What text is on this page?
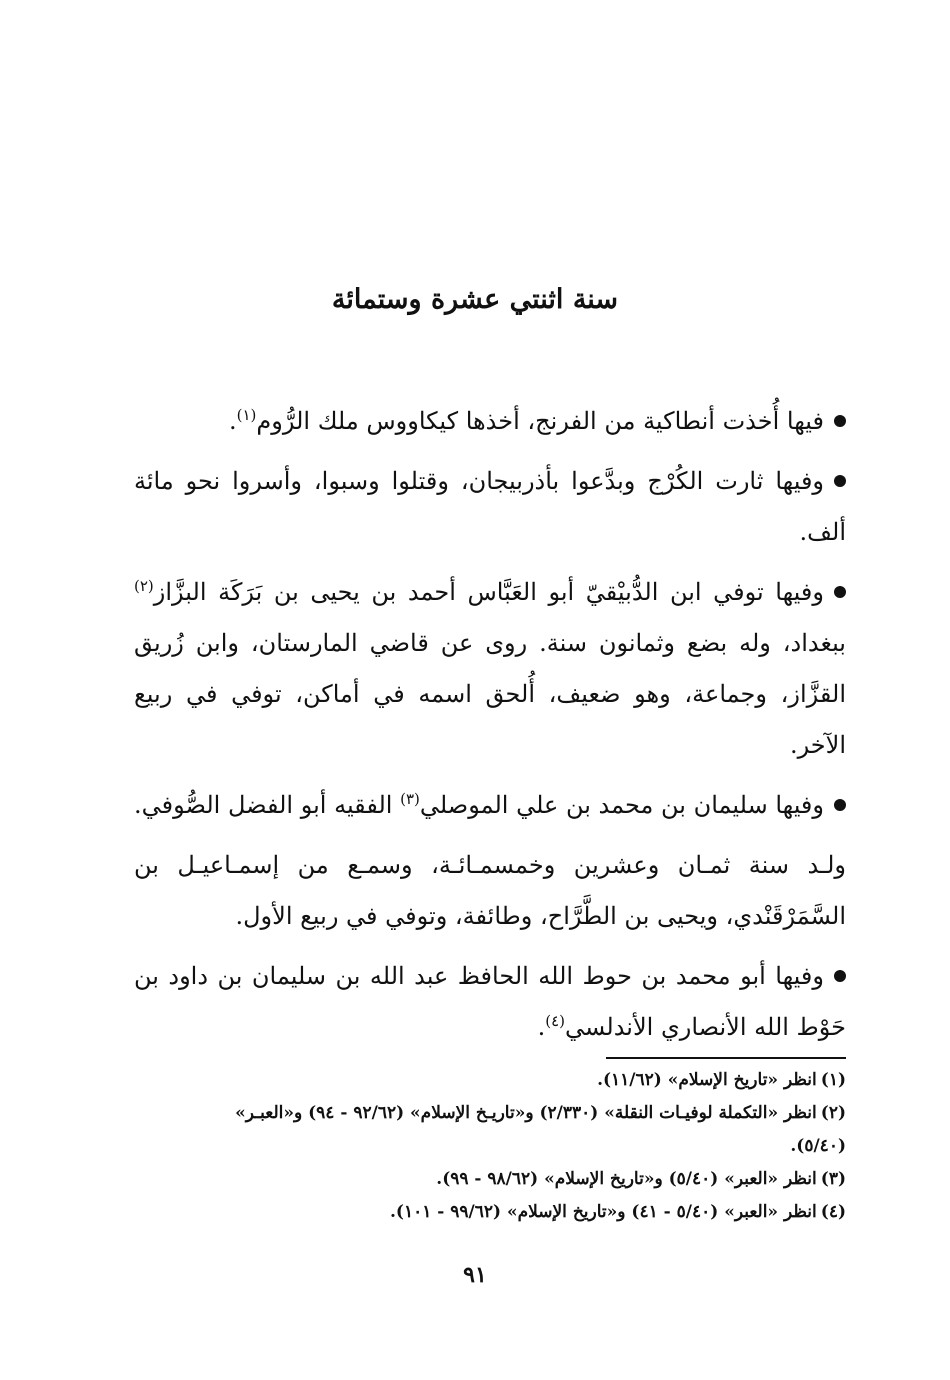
سنة اثنتي عشرة وستمائة

فيها أُخذت أنطاكية من الفرنج، أخذها كيكاووس ملك الرُّوم$^{(١)}$.

وفيها ثارت الكُرْج وبدَّعوا بأذربيجان، وقتلوا وسبوا، وأسروا نحو مائة ألف.

وفيها توفي ابن الدُّبيْقيّ أبو العَبَّاس أحمد بن يحيى بن بَرَكَة البزَّاز$^{(٢)}$ ببغداد، وله بضع وثمانون سنة. روى عن قاضي المارستان، وابن زُريق القزَّاز، وجماعة، وهو ضعيف، أُلحق اسمه في أماكن، توفي في ربيع الآخر.

وفيها سليمان بن محمد بن علي الموصلي$^{(٣)}$ الفقيه أبو الفضل الصُّوفي.

ولـد سنة ثمـان وعشرين وخمسمـائـة، وسمـع من إسمـاعيـل بن السَّمَرْقَنْدي، ويحيى بن الطَّرَّاح، وطائفة، وتوفي في ربيع الأول.

وفيها أبو محمد بن حوط الله الحافظ عبد الله بن سليمان بن داود بن حَوْط الله الأنصاري الأندلسي$^{(٤)}$.

(١)انظر «تاريخ الإسلام» (١١/٦٢).

(٢)انظر «التكملة لوفيـات النقلة» (٢/٣٣٠) و«تاريـخ الإسلام» (٩٢/٦٢ - ٩٤) و«العبـر»

(٥/٤٠).

(٣)انظر «العبر» (٥/٤٠) و«تاريخ الإسلام» (٩٨/٦٢ - ٩٩).

(٤)انظر «العبر» (٥/٤٠ - ٤١) و«تاريخ الإسلام» (٩٩/٦٢ - ١٠١).

٩١
